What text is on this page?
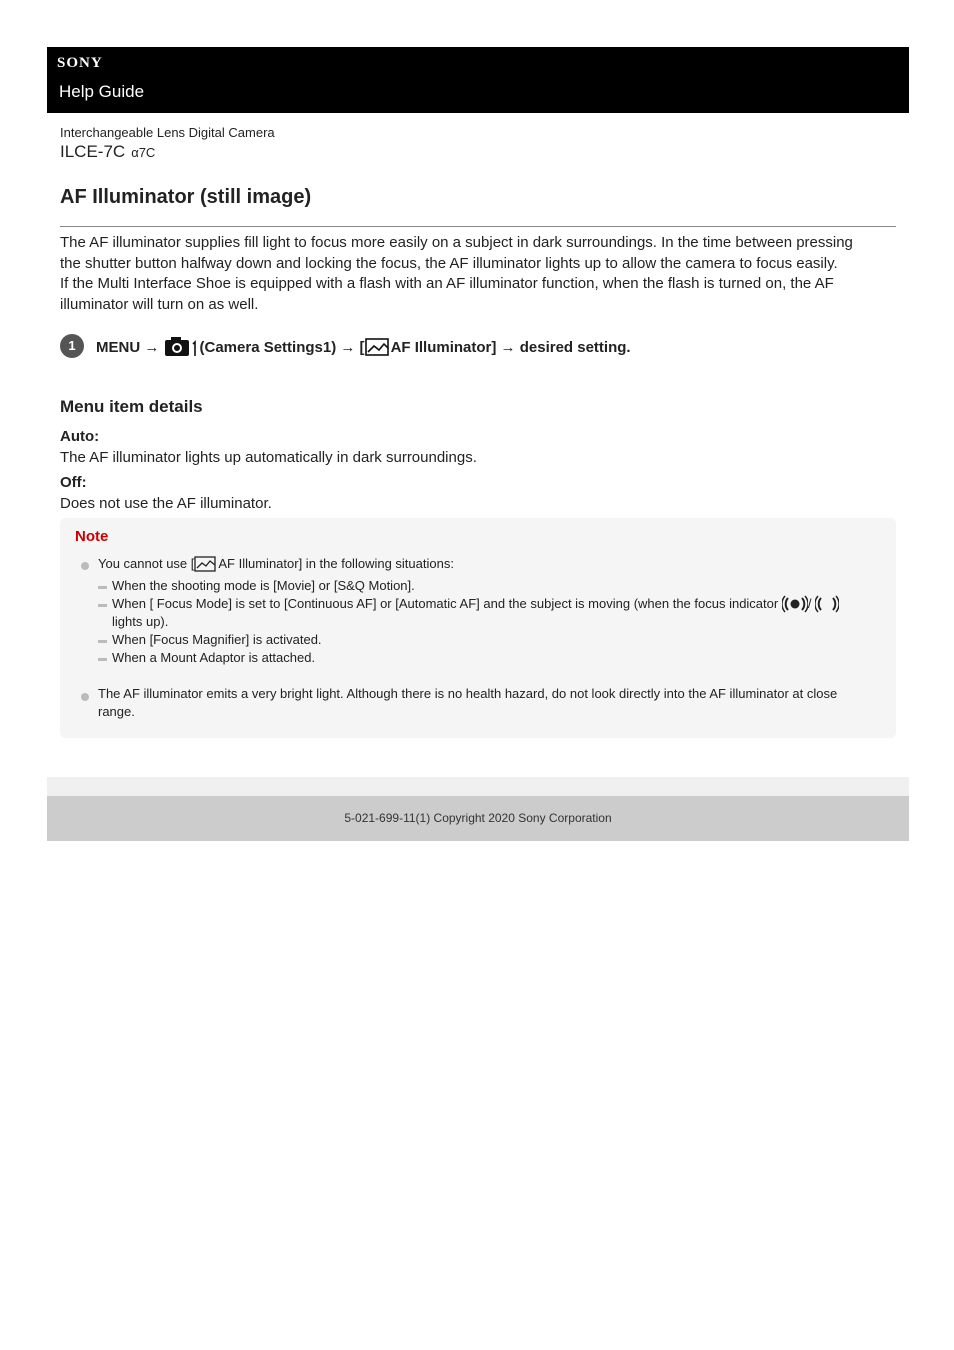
SONY
Help Guide
Interchangeable Lens Digital Camera
ILCE-7C α7C
AF Illuminator (still image)
The AF illuminator supplies fill light to focus more easily on a subject in dark surroundings. In the time between pressing
the shutter button halfway down and locking the focus, the AF illuminator lights up to allow the camera to focus easily.
If the Multi Interface Shoe is equipped with a flash with an AF illuminator function, when the flash is turned on, the AF
illuminator will turn on as well.
1	MENU →	(Camera Settings1) → [ AF Illuminator] → desired setting.
Menu item details
Auto:
The AF illuminator lights up automatically in dark surroundings.
Off:
Does not use the AF illuminator.
Note
You cannot use [ AF Illuminator] in the following situations:
When the shooting mode is [Movie] or [S&Q Motion].
When [ Focus Mode] is set to [Continuous AF] or [Automatic AF] and the subject is moving (when the focus indicator /
lights up).
When [Focus Magnifier] is activated.
When a Mount Adaptor is attached.
The AF illuminator emits a very bright light. Although there is no health hazard, do not look directly into the AF illuminator at close
range.
5-021-699-11(1) Copyright 2020 Sony Corporation
